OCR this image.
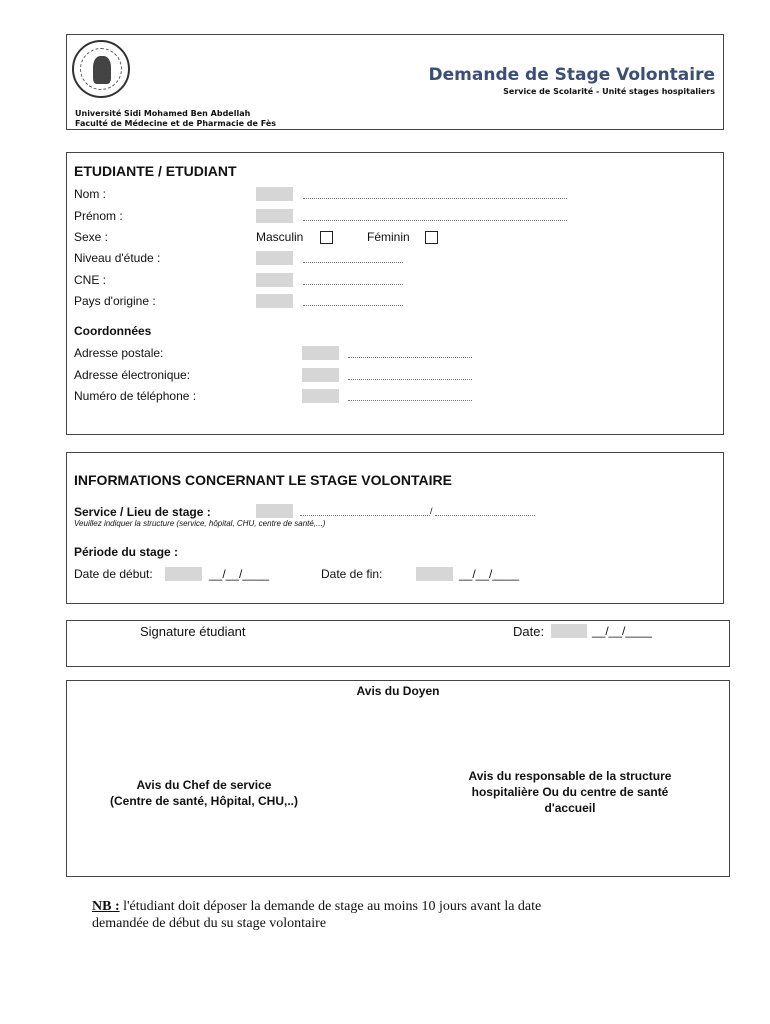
Demande de Stage Volontaire
Service de Scolarité - Unité stages hospitaliers
Université Sidi Mohamed Ben Abdellah
Faculté de Médecine et de Pharmacie de Fès
ETUDIANTE / ETUDIANT
Nom :
Prénom :
Sexe :	Masculin	Féminin
Niveau d'étude :
CNE :
Pays d'origine :
Coordonnées
Adresse postale:
Adresse électronique:
Numéro de téléphone :
INFORMATIONS CONCERNANT LE STAGE VOLONTAIRE
Service / Lieu de stage :	/
Veuillez indiquer la structure (service, hôpital, CHU, centre de santé,...)
Période du stage :
Date de début:	__/__/____	Date de fin:	__/__/____
Signature étudiant	Date:	__/__/____
Avis du Doyen
Avis du Chef de service
(Centre de santé, Hôpital, CHU,..)
Avis du responsable de la structure
hospitalière Ou du centre de santé
d'accueil
NB : l'étudiant doit déposer la demande de stage au moins 10 jours avant la date
demandée de début du su stage volontaire
